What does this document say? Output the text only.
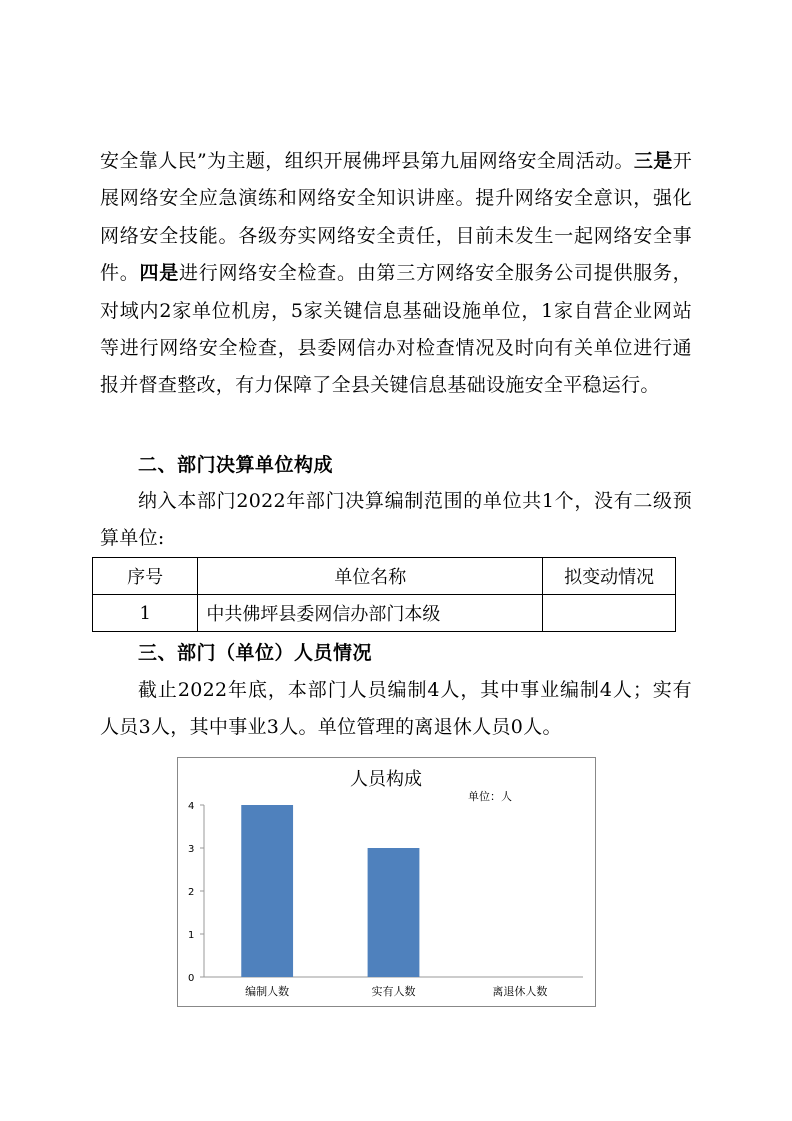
安全靠人民”为主题，组织开展佛坪县第九届网络安全周活动。三是开展网络安全应急演练和网络安全知识讲座。提升网络安全意识，强化网络安全技能。各级夯实网络安全责任，目前未发生一起网络安全事件。四是进行网络安全检查。由第三方网络安全服务公司提供服务，对域内2家单位机房，5家关键信息基础设施单位，1家自营企业网站等进行网络安全检查，县委网信办对检查情况及时向有关单位进行通报并督查整改，有力保障了全县关键信息基础设施安全平稳运行。

二、部门决算单位构成

纳入本部门2022年部门决算编制范围的单位共1个，没有二级预算单位:

序号	单位名称	拟变动情况
1	中共佛坪县委网信办部门本级	
三、部门（单位）人员情况

截止2022年底，本部门人员编制4人，其中事业编制4人；实有人员3人，其中事业3人。单位管理的离退休人员0人。

人员构成
单位：人
0
1
2
3
4
编制人数	实有人数	离退休人数
